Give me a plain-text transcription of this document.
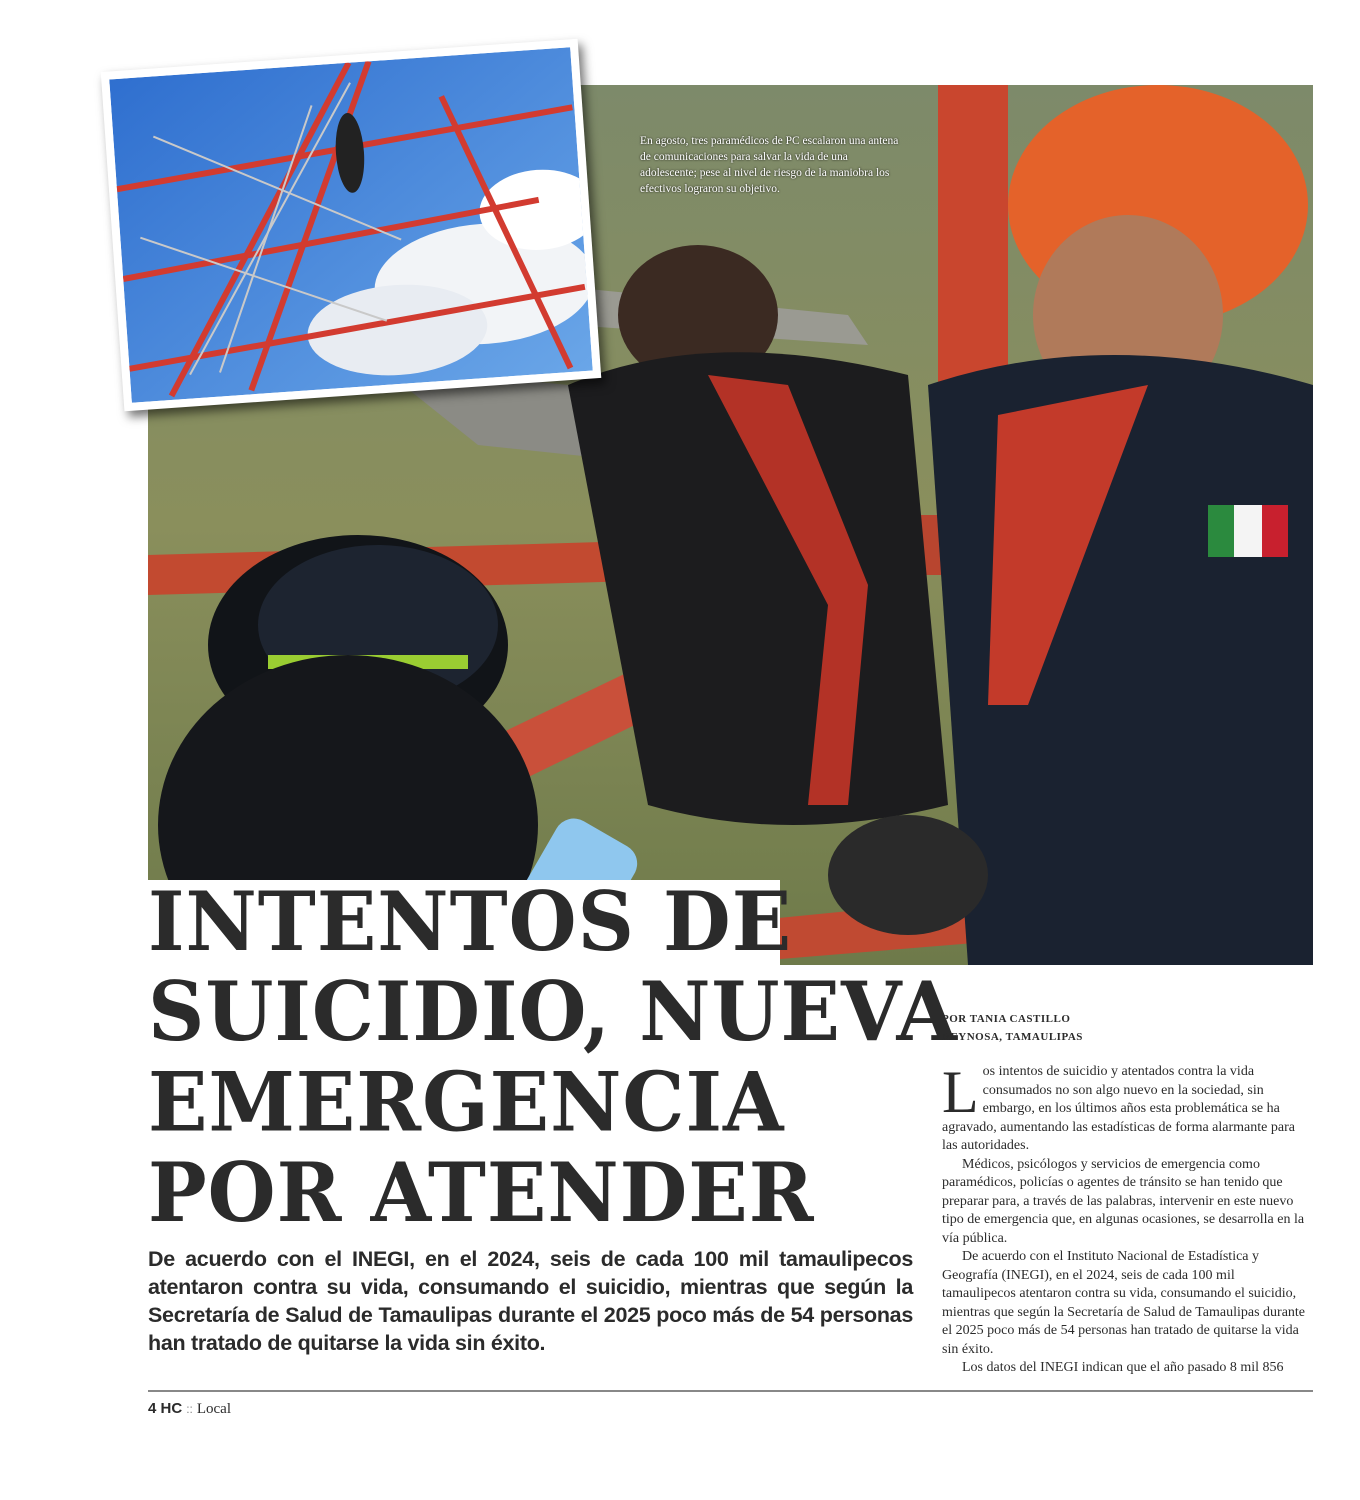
En agosto, tres paramédicos de PC escalaron una antena de comunicaciones para salvar la vida de una adolescente; pese al nivel de riesgo de la maniobra los efectivos lograron su objetivo.
INTENTOS DE
SUICIDIO, NUEVA
EMERGENCIA
POR ATENDER

De acuerdo con el INEGI, en el 2024, seis de cada 100 mil tamaulipecos atentaron contra su vida, consumando el suicidio, mientras que según la Secretaría de Salud de Tamaulipas durante el 2025 poco más de 54 personas han tratado de quitarse la vida sin éxito.

POR TANIA CASTILLO
REYNOSA, TAMAULIPAS

Los intentos de suicidio y atentados contra la vida consumados no son algo nuevo en la sociedad, sin embargo, en los últimos años esta problemática se ha agravado, aumentando las estadísticas de forma alarmante para las autoridades.

Médicos, psicólogos y servicios de emergencia como paramédicos, policías o agentes de tránsito se han tenido que preparar para, a través de las palabras, intervenir en este nuevo tipo de emergencia que, en algunas ocasiones, se desarrolla en la vía pública.

De acuerdo con el Instituto Nacional de Estadística y Geografía (INEGI), en el 2024, seis de cada 100 mil tamaulipecos atentaron contra su vida, consumando el suicidio, mientras que según la Secretaría de Salud de Tamaulipas durante el 2025 poco más de 54 personas han tratado de quitarse la vida sin éxito.

Los datos del INEGI indican que el año pasado 8 mil 856

4 HC :: Local
